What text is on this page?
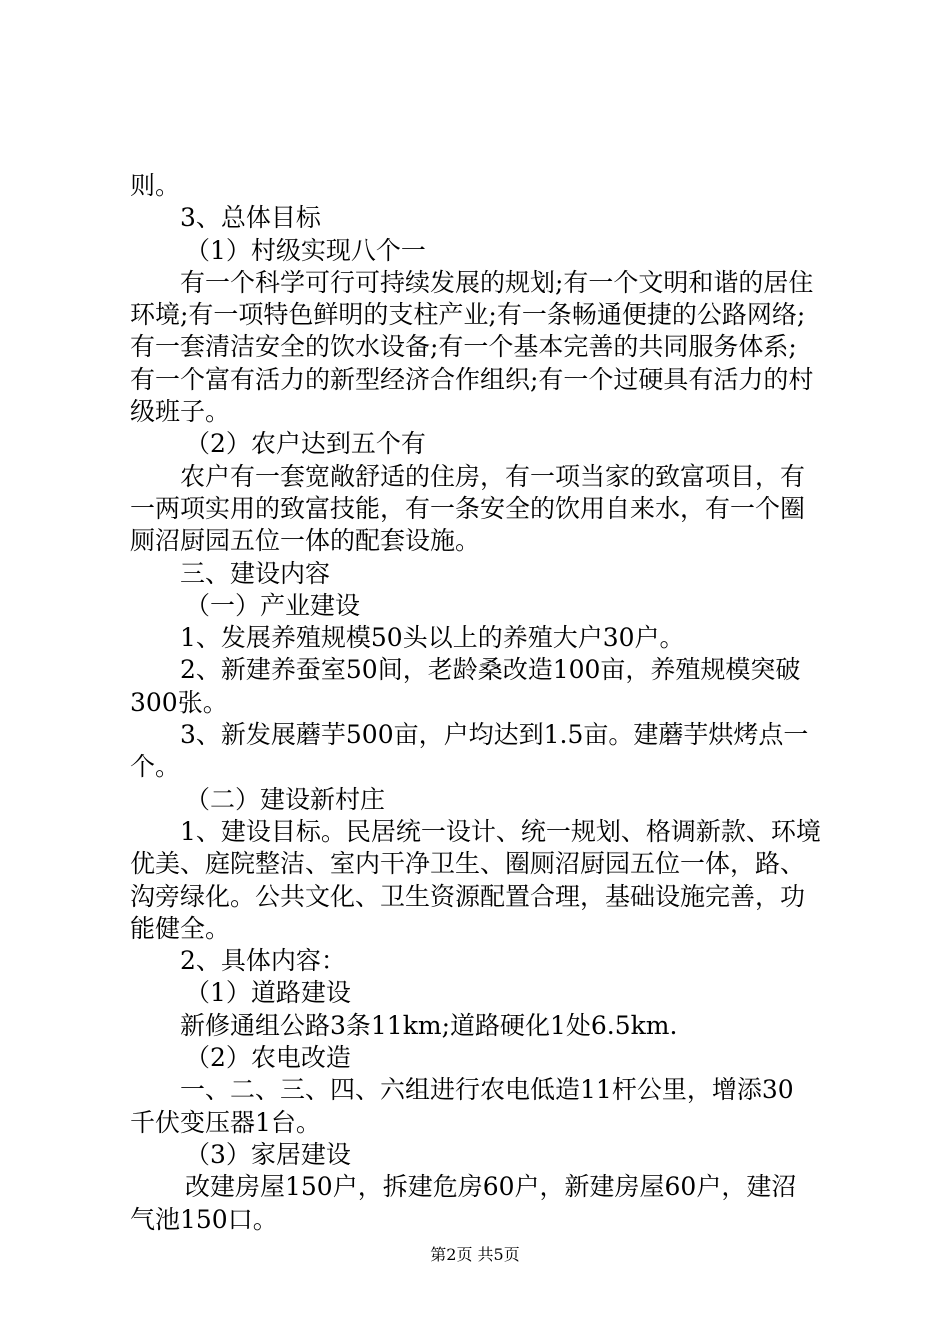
则。
3、总体目标
（1）村级实现八个一
有一个科学可行可持续发展的规划;有一个文明和谐的居住
环境;有一项特色鲜明的支柱产业;有一条畅通便捷的公路网络;
有一套清洁安全的饮水设备;有一个基本完善的共同服务体系;
有一个富有活力的新型经济合作组织;有一个过硬具有活力的村
级班子。
（2）农户达到五个有
农户有一套宽敞舒适的住房，有一项当家的致富项目，有
一两项实用的致富技能，有一条安全的饮用自来水，有一个圈
厕沼厨园五位一体的配套设施。
三、建设内容
（一）产业建设
1、发展养殖规模50头以上的养殖大户30户。
2、新建养蚕室50间，老龄桑改造100亩，养殖规模突破
300张。
3、新发展蘑芋500亩，户均达到1.5亩。建蘑芋烘烤点一
个。
（二）建设新村庄
1、建设目标。民居统一设计、统一规划、格调新款、环境
优美、庭院整洁、室内干净卫生、圈厕沼厨园五位一体，路、
沟旁绿化。公共文化、卫生资源配置合理，基础设施完善，功
能健全。
2、具体内容：
（1）道路建设
新修通组公路3条11km;道路硬化1处6.5km.
（2）农电改造
一、二、三、四、六组进行农电低造11杆公里，增添30
千伏变压器1台。
（3）家居建设
改建房屋150户，拆建危房60户，新建房屋60户，建沼
气池150口。
第2页 共5页
